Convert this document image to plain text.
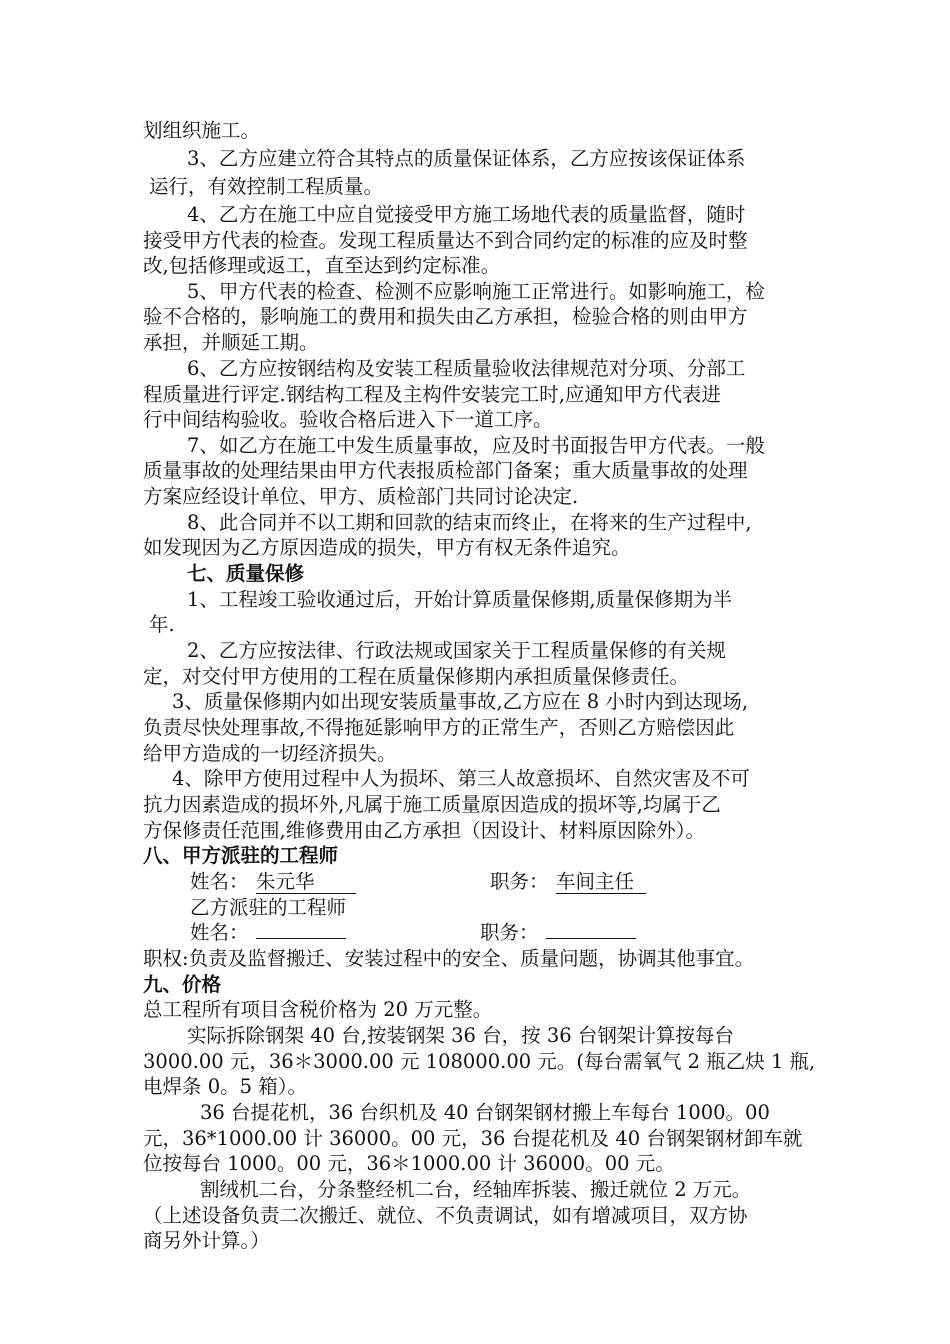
划组织施工。
3、乙方应建立符合其特点的质量保证体系，乙方应按该保证体系
运行，有效控制工程质量。
4、乙方在施工中应自觉接受甲方施工场地代表的质量监督，随时
接受甲方代表的检查。发现工程质量达不到合同约定的标准的应及时整
改,包括修理或返工，直至达到约定标准。
5、甲方代表的检查、检测不应影响施工正常进行。如影响施工，检
验不合格的，影响施工的费用和损失由乙方承担，检验合格的则由甲方
承担，并顺延工期。
6、乙方应按钢结构及安装工程质量验收法律规范对分项、分部工
程质量进行评定.钢结构工程及主构件安装完工时,应通知甲方代表进
行中间结构验收。验收合格后进入下一道工序。
7、如乙方在施工中发生质量事故，应及时书面报告甲方代表。一般
质量事故的处理结果由甲方代表报质检部门备案；重大质量事故的处理
方案应经设计单位、甲方、质检部门共同讨论决定.
8、此合同并不以工期和回款的结束而终止，在将来的生产过程中,
如发现因为乙方原因造成的损失，甲方有权无条件追究。
七、质量保修
1、工程竣工验收通过后，开始计算质量保修期,质量保修期为半
年.
2、乙方应按法律、行政法规或国家关于工程质量保修的有关规
定，对交付甲方使用的工程在质量保修期内承担质量保修责任。
3、质量保修期内如出现安装质量事故,乙方应在 8 小时内到达现场,
负责尽快处理事故,不得拖延影响甲方的正常生产，否则乙方赔偿因此
给甲方造成的一切经济损失。
4、除甲方使用过程中人为损坏、第三人故意损坏、自然灾害及不可
抗力因素造成的损坏外,凡属于施工质量原因造成的损坏等,均属于乙
方保修责任范围,维修费用由乙方承担（因设计、材料原因除外）。
八、甲方派驻的工程师
姓名： 朱元华	职务： 车间主任
乙方派驻的工程师
姓名：	职务：
职权:负责及监督搬迁、安装过程中的安全、质量问题，协调其他事宜。
九、价格
总工程所有项目含税价格为 20 万元整。
实际拆除钢架 40 台,按装钢架 36 台，按 36 台钢架计算按每台
3000.00 元，36＊3000.00 元 108000.00 元。(每台需氧气 2 瓶乙炔 1 瓶,
电焊条 0。5 箱）。
36 台提花机，36 台织机及 40 台钢架钢材搬上车每台 1000。00
元，36*1000.00 计 36000。00 元，36 台提花机及 40 台钢架钢材卸车就
位按每台 1000。00 元，36＊1000.00 计 36000。00 元。
割绒机二台，分条整经机二台，经轴库拆装、搬迁就位 2 万元。
（上述设备负责二次搬迁、就位、不负责调试，如有增减项目，双方协
商另外计算。）
